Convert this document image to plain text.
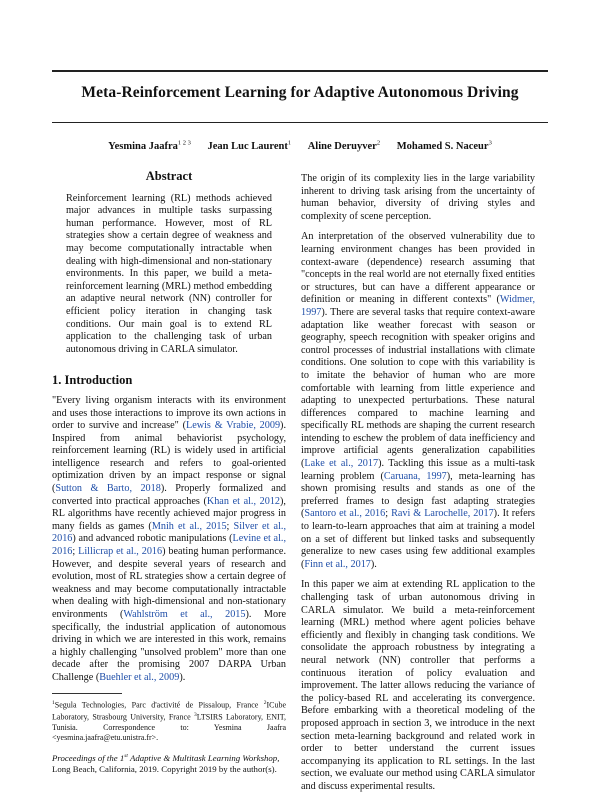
Meta-Reinforcement Learning for Adaptive Autonomous Driving
Yesmina Jaafra$^{1 2 3}$ Jean Luc Laurent$^1$ Aline Deruyver$^2$ Mohamed S. Naceur$^3$
Abstract

Reinforcement learning (RL) methods achieved major advances in multiple tasks surpassing human performance. However, most of RL strategies show a certain degree of weakness and may become computationally intractable when dealing with high-dimensional and non-stationary environments. In this paper, we build a meta-reinforcement learning (MRL) method embedding an adaptive neural network (NN) controller for efficient policy iteration in changing task conditions. Our main goal is to extend RL application to the challenging task of urban autonomous driving in CARLA simulator.

1. Introduction

"Every living organism interacts with its environment and uses those interactions to improve its own actions in order to survive and increase" (Lewis & Vrabie, 2009). Inspired from animal behaviorist psychology, reinforcement learning (RL) is widely used in artificial intelligence research and refers to goal-oriented optimization driven by an impact response or signal (Sutton & Barto, 2018). Properly formalized and converted into practical approaches (Khan et al., 2012), RL algorithms have recently achieved major progress in many fields as games (Mnih et al., 2015; Silver et al., 2016) and advanced robotic manipulations (Levine et al., 2016; Lillicrap et al., 2016) beating human performance. However, and despite several years of research and evolution, most of RL strategies show a certain degree of weakness and may become computationally intractable when dealing with high-dimensional and non-stationary environments (Wahlström et al., 2015). More specifically, the industrial application of autonomous driving in which we are interested in this work, remains a highly challenging "unsolved problem" more than one decade after the promising 2007 DARPA Urban Challenge (Buehler et al., 2009).

$^1$Segula Technologies, Parc d'activité de Pissaloup, France $^2$ICube Laboratory, Strasbourg University, France $^3$LTSIRS Laboratory, ENIT, Tunisia. Correspondence to: Yesmina Jaafra <yesmina.jaafra@etu.unistra.fr>.
Proceedings of the 1st Adaptive & Multitask Learning Workshop,
Long Beach, California, 2019. Copyright 2019 by the author(s).

The origin of its complexity lies in the large variability inherent to driving task arising from the uncertainty of human behavior, diversity of driving styles and complexity of scene perception.

An interpretation of the observed vulnerability due to learning environment changes has been provided in context-aware (dependence) research assuming that "concepts in the real world are not eternally fixed entities or structures, but can have a different appearance or definition or meaning in different contexts" (Widmer, 1997). There are several tasks that require context-aware adaptation like weather forecast with season or geography, speech recognition with speaker origins and control processes of industrial installations with climate conditions. One solution to cope with this variability is to imitate the behavior of human who are more comfortable with learning from little experience and adapting to unexpected perturbations. These natural differences compared to machine learning and specifically RL methods are shaping the current research intending to eschew the problem of data inefficiency and improve artificial agents generalization capabilities (Lake et al., 2017). Tackling this issue as a multi-task learning problem (Caruana, 1997), meta-learning has shown promising results and stands as one of the preferred frames to design fast adapting strategies (Santoro et al., 2016; Ravi & Larochelle, 2017). It refers to learn-to-learn approaches that aim at training a model on a set of different but linked tasks and subsequently generalize to new cases using few additional examples (Finn et al., 2017).

In this paper we aim at extending RL application to the challenging task of urban autonomous driving in CARLA simulator. We build a meta-reinforcement learning (MRL) method where agent policies behave efficiently and flexibly in changing task conditions. We consolidate the approach robustness by integrating a neural network (NN) controller that performs a continuous iteration of policy evaluation and improvement. The latter allows reducing the variance of the policy-based RL and accelerating its convergence. Before embarking with a theoretical modeling of the proposed approach in section 3, we introduce in the next section meta-learning background and related work in order to better understand the current issues accompanying its application to RL settings. In the last section, we evaluate our method using CARLA simulator and discuss experimental results.
